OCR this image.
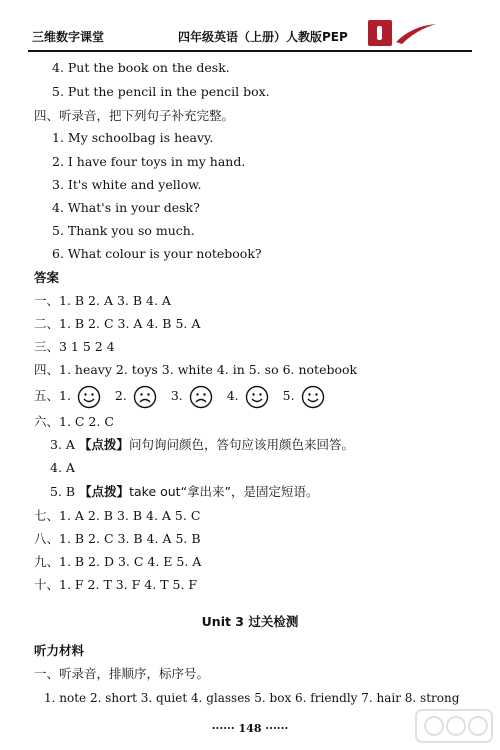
三维数字课堂	四年级英语（上册）人教版PEP
4. Put the book on the desk.
5. Put the pencil in the pencil box.
四、听录音，把下列句子补充完整。
1. My schoolbag is heavy.
2. I have four toys in my hand.
3. It's white and yellow.
4. What's in your desk?
5. Thank you so much.
6. What colour is your notebook?
答案
一、1. B 2. A 3. B 4. A
二、1. B 2. C 3. A 4. B 5. A
三、3 1 5 2 4
四、1. heavy 2. toys 3. white 4. in 5. so 6. notebook
五、1.	2.	3.	4.	5.
六、1. C 2. C
3. A 【点拨】问句询问颜色，答句应该用颜色来回答。
4. A
5. B 【点拨】take out“拿出来”，是固定短语。
七、1. A 2. B 3. B 4. A 5. C
八、1. B 2. C 3. B 4. A 5. B
九、1. B 2. D 3. C 4. E 5. A
十、1. F 2. T 3. F 4. T 5. F
Unit 3 过关检测
听力材料
一、听录音，排顺序，标序号。
1. note 2. short 3. quiet 4. glasses 5. box 6. friendly 7. hair 8. strong
······ 148 ······
